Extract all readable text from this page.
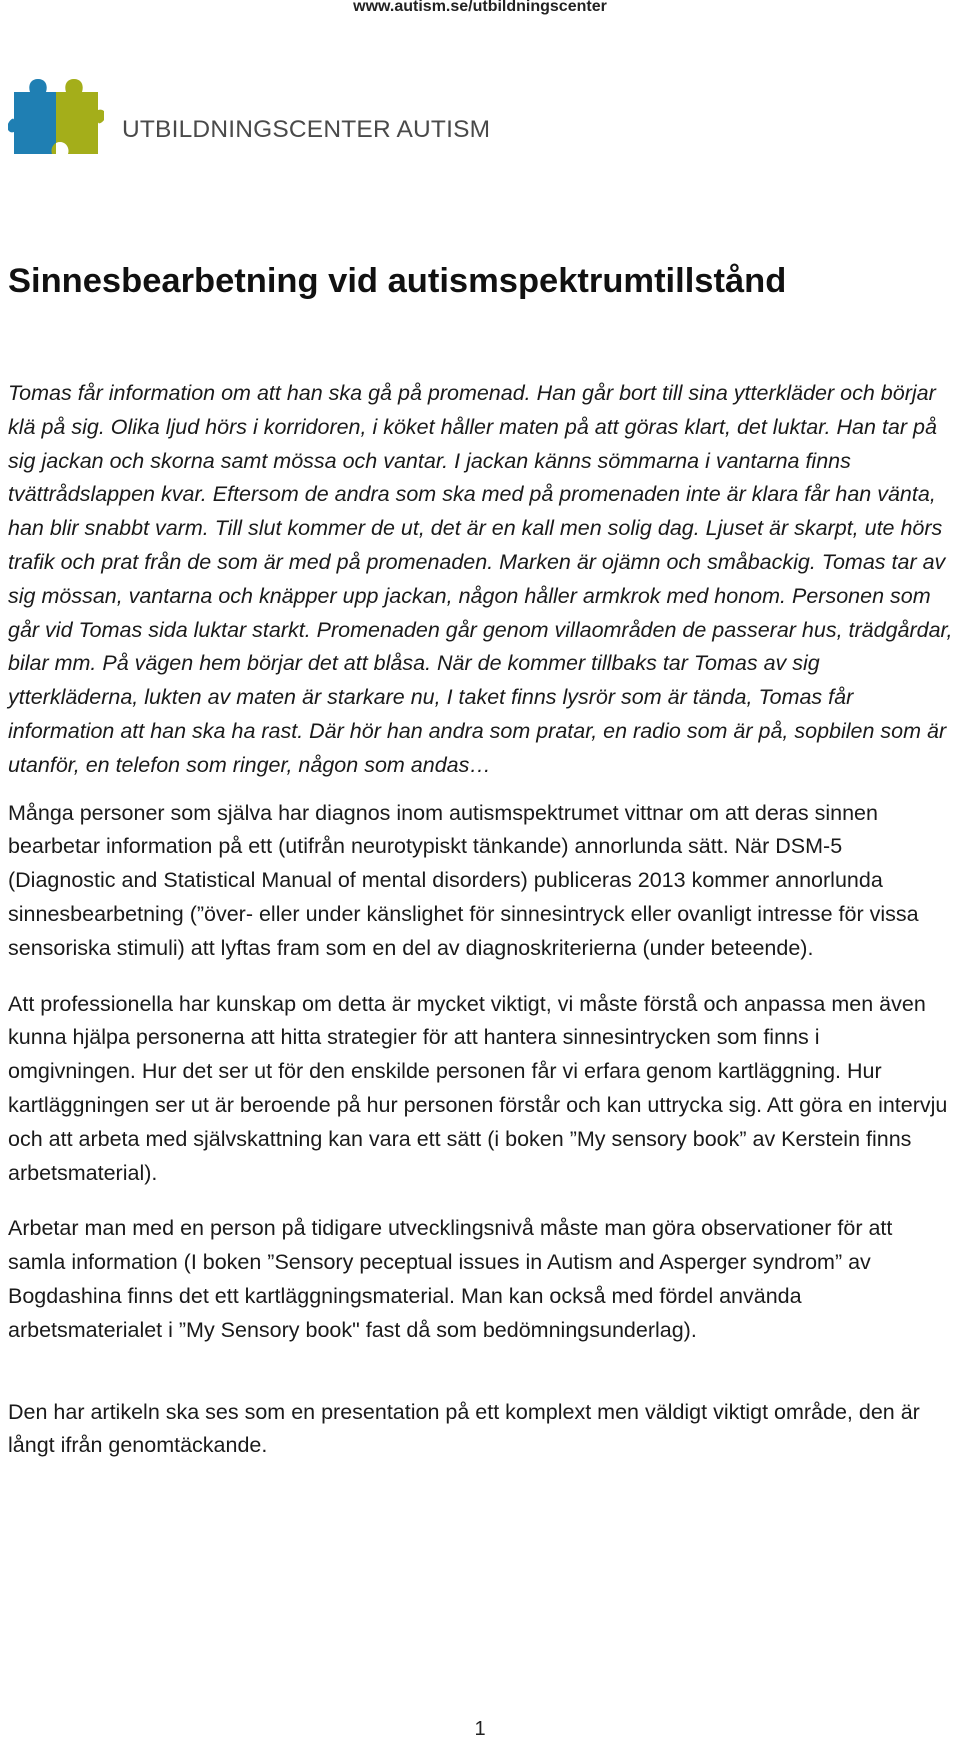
www.autism.se/utbildningscenter
UTBILDNINGSCENTER AUTISM
Sinnesbearbetning vid autismspektrumtillstånd

Tomas får information om att han ska gå på promenad. Han går bort till sina ytterkläder och börjar klä på sig. Olika ljud hörs i korridoren, i köket håller maten på att göras klart, det luktar. Han tar på sig jackan och skorna samt mössa och vantar. I jackan känns sömmarna i vantarna finns tvättrådslappen kvar. Eftersom de andra som ska med på promenaden inte är klara får han vänta, han blir snabbt varm. Till slut kommer de ut, det är en kall men solig dag. Ljuset är skarpt, ute hörs trafik och prat från de som är med på promenaden. Marken är ojämn och småbackig. Tomas tar av sig mössan, vantarna och knäpper upp jackan, någon håller armkrok med honom. Personen som går vid Tomas sida luktar starkt. Promenaden går genom villaområden de passerar hus, trädgårdar, bilar mm. På vägen hem börjar det att blåsa. När de kommer tillbaks tar Tomas av sig ytterkläderna, lukten av maten är starkare nu, I taket finns lysrör som är tända, Tomas får information att han ska ha rast. Där hör han andra som pratar, en radio som är på, sopbilen som är utanför, en telefon som ringer, någon som andas…

Många personer som själva har diagnos inom autismspektrumet vittnar om att deras sinnen bearbetar information på ett (utifrån neurotypiskt tänkande) annorlunda sätt. När DSM-5 (Diagnostic and Statistical Manual of mental disorders) publiceras 2013 kommer annorlunda sinnesbearbetning (”över- eller under känslighet för sinnesintryck eller ovanligt intresse för vissa sensoriska stimuli) att lyftas fram som en del av diagnoskriterierna (under beteende).

Att professionella har kunskap om detta är mycket viktigt, vi måste förstå och anpassa men även kunna hjälpa personerna att hitta strategier för att hantera sinnesintrycken som finns i omgivningen. Hur det ser ut för den enskilde personen får vi erfara genom kartläggning. Hur kartläggningen ser ut är beroende på hur personen förstår och kan uttrycka sig. Att göra en intervju och att arbeta med självskattning kan vara ett sätt (i boken ”My sensory book” av Kerstein finns arbetsmaterial).

Arbetar man med en person på tidigare utvecklingsnivå måste man göra observationer för att samla information (I boken ”Sensory peceptual issues in Autism and Asperger syndrom” av Bogdashina finns det ett kartläggningsmaterial. Man kan också med fördel använda arbetsmaterialet i ”My Sensory book" fast då som bedömningsunderlag).

Den har artikeln ska ses som en presentation på ett komplext men väldigt viktigt område, den är långt ifrån genomtäckande.

1
